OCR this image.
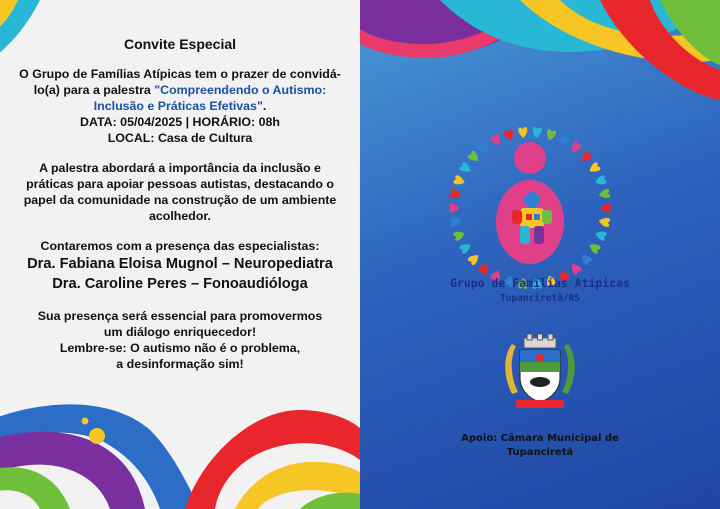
Convite Especial
O Grupo de Famílias Atípicas tem o prazer de convidá-
lo(a) para a palestra "Compreendendo o Autismo:
Inclusão e Práticas Efetivas".
DATA: 05/04/2025 | HORÁRIO: 08h
LOCAL: Casa de Cultura
A palestra abordará a importância da inclusão e
práticas para apoiar pessoas autistas, destacando o
papel da comunidade na construção de um ambiente
acolhedor.
Contaremos com a presença das especialistas:
Dra. Fabiana Eloisa Mugnol – Neuropediatra
Dra. Caroline Peres – Fonoaudióloga
Sua presença será essencial para promovermos
um diálogo enriquecedor!
Lembre-se: O autismo não é o problema,
a desinformação sim!
Grupo de Famílias Atípicas
Tupanciretã/RS
Apoio: Câmara Municipal de
Tupanciretã
